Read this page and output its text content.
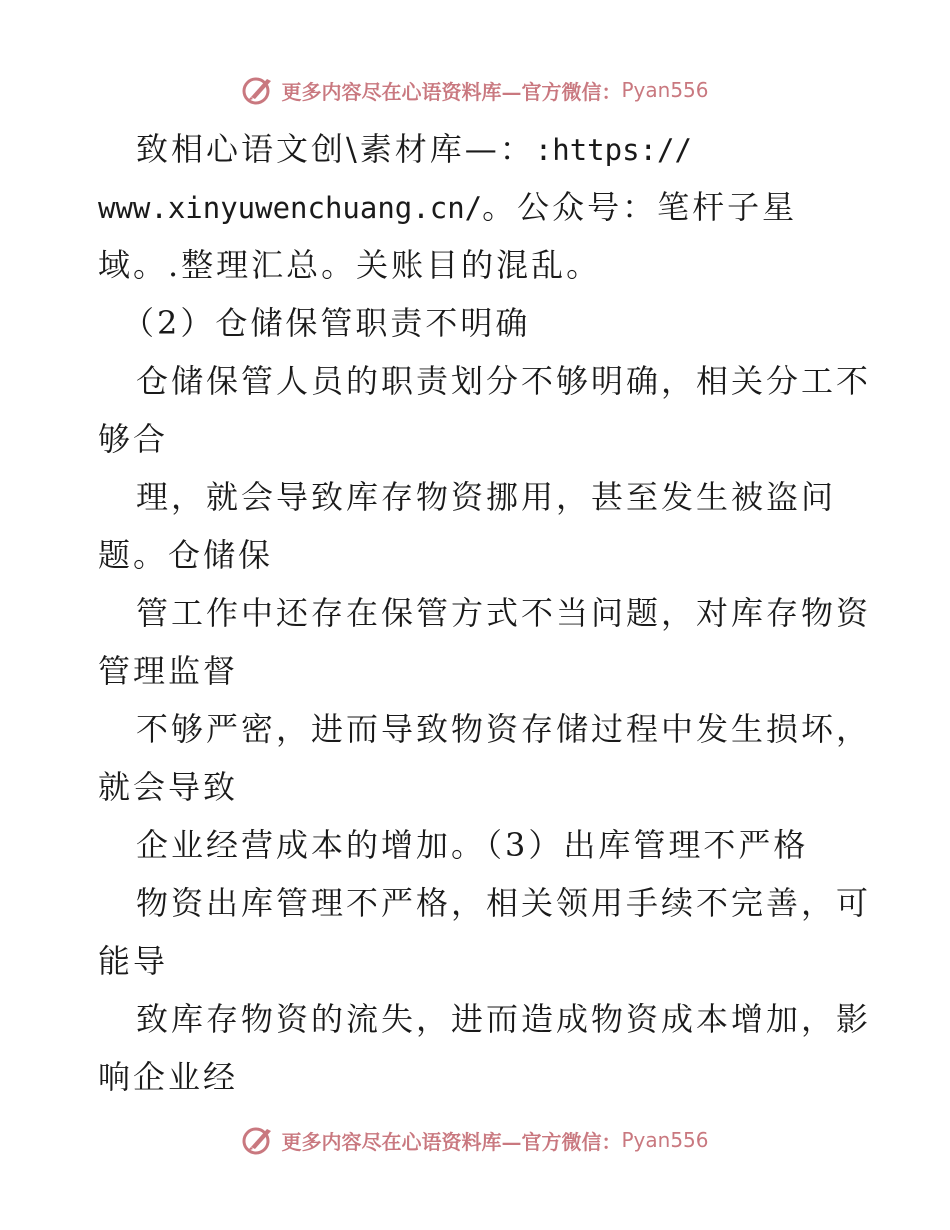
更多内容尽在心语资料库—官方微信： Pyan556
致相心语文创\素材库—：:https://
www.xinyuwenchuang.cn/。公众号：笔杆子星
域。.整理汇总。关账目的混乱。
（2）仓储保管职责不明确
仓储保管人员的职责划分不够明确，相关分工不
够合
理，就会导致库存物资挪用，甚至发生被盗问
题。仓储保
管工作中还存在保管方式不当问题，对库存物资
管理监督
不够严密，进而导致物资存储过程中发生损坏，
就会导致
企业经营成本的增加。（3）出库管理不严格
物资出库管理不严格，相关领用手续不完善，可
能导
致库存物资的流失，进而造成物资成本增加，影
响企业经
更多内容尽在心语资料库—官方微信： Pyan556
